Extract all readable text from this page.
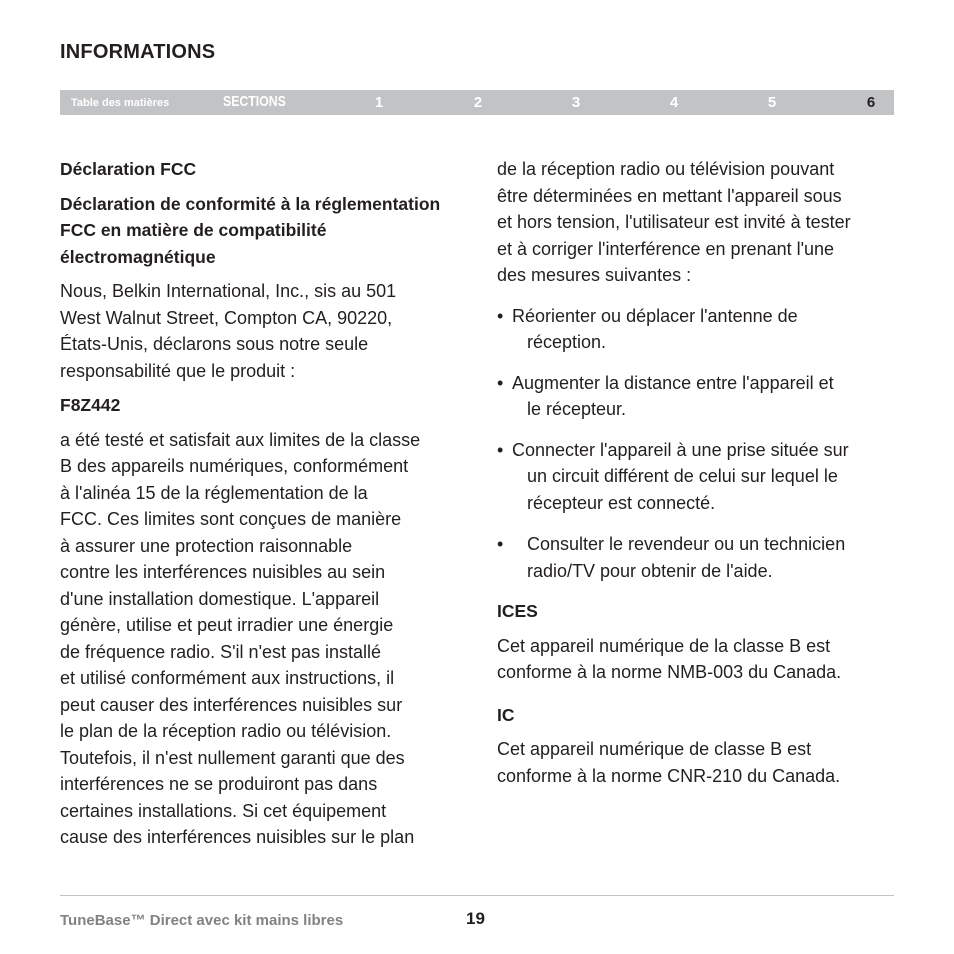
INFORMATIONS
Table des matières	SECTIONS	1	2	3	4	5	6

Déclaration FCC

Déclaration de conformité à la réglementation FCC en matière de compatibilité électromagnétique

Nous, Belkin International, Inc., sis au 501
West Walnut Street, Compton CA, 90220,
États-Unis, déclarons sous notre seule
responsabilité que le produit :

F8Z442

a été testé et satisfait aux limites de la classe
B des appareils numériques, conformément
à l'alinéa 15 de la réglementation de la
FCC. Ces limites sont conçues de manière
à assurer une protection raisonnable
contre les interférences nuisibles au sein
d'une installation domestique. L'appareil
génère, utilise et peut irradier une énergie
de fréquence radio. S'il n'est pas installé
et utilisé conformément aux instructions, il
peut causer des interférences nuisibles sur
le plan de la réception radio ou télévision.
Toutefois, il n'est nullement garanti que des
interférences ne se produiront pas dans
certaines installations. Si cet équipement
cause des interférences nuisibles sur le plan

de la réception radio ou télévision pouvant
être déterminées en mettant l'appareil sous
et hors tension, l'utilisateur est invité à tester
et à corriger l'interférence en prenant l'une
des mesures suivantes :

• Réorienter ou déplacer l'antenne de
réception.

• Augmenter la distance entre l'appareil et
le récepteur.

• Connecter l'appareil à une prise située sur
un circuit différent de celui sur lequel le
récepteur est connecté.

• Consulter le revendeur ou un technicien
radio/TV pour obtenir de l'aide.

ICES

Cet appareil numérique de la classe B est
conforme à la norme NMB-003 du Canada.

IC

Cet appareil numérique de classe B est
conforme à la norme CNR-210 du Canada.

TuneBase™ Direct avec kit mains libres	19
